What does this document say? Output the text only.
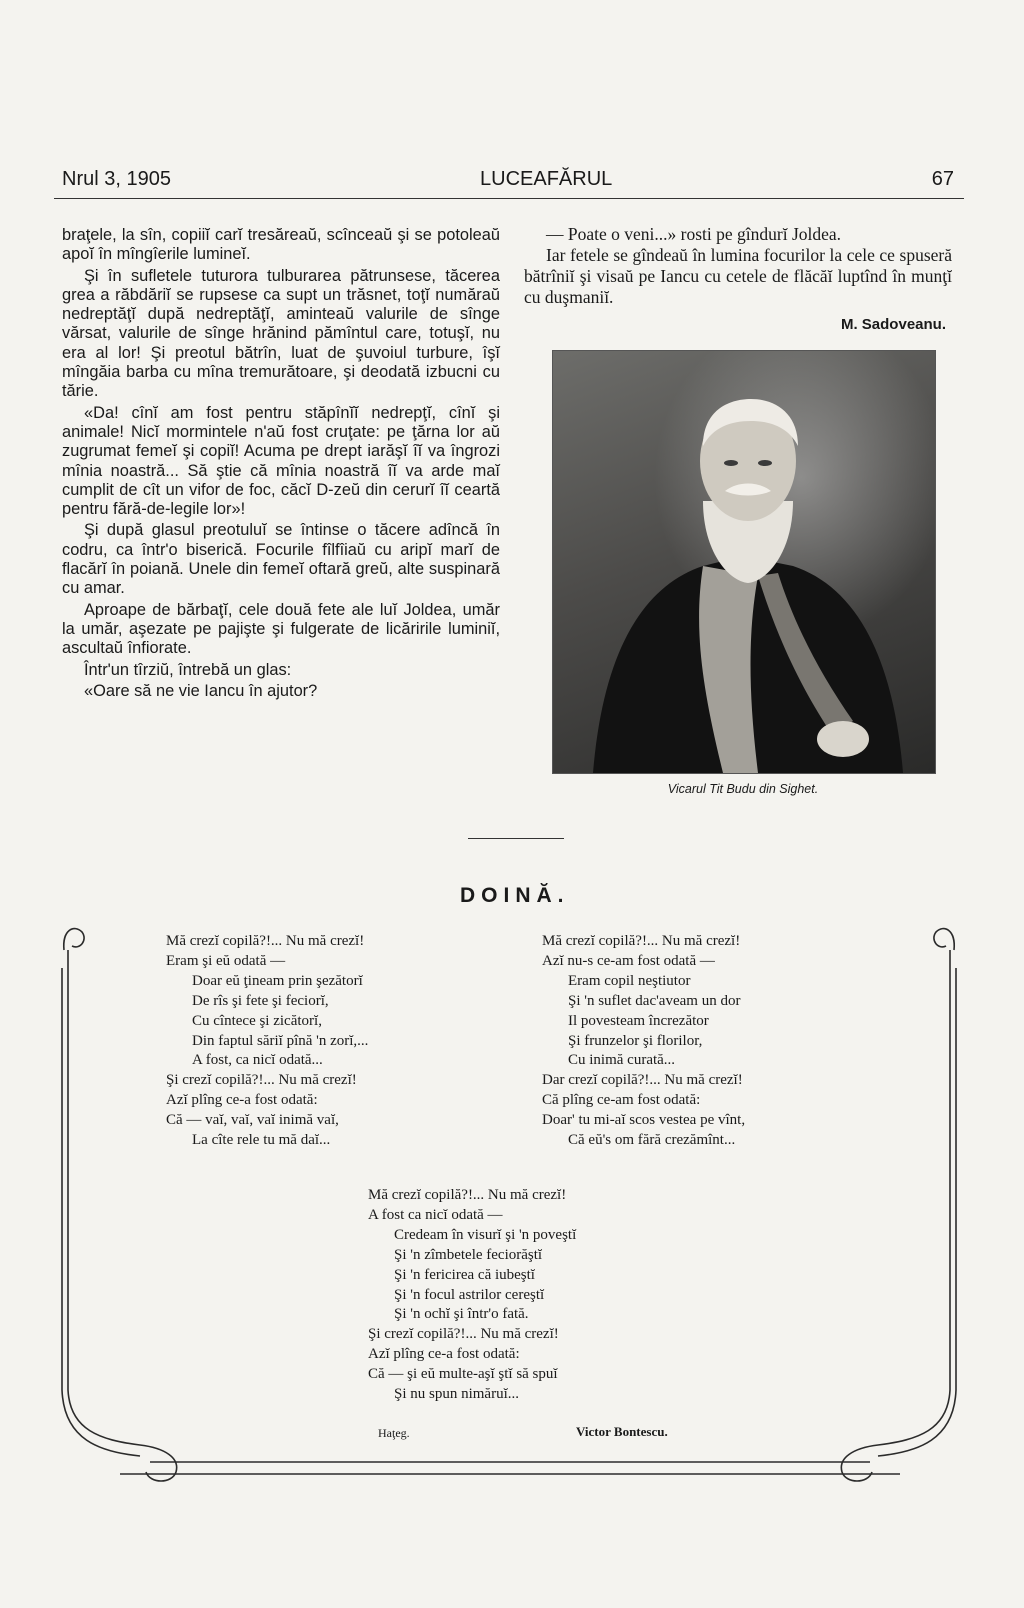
Nrul 3, 1905	LUCEAFĂRUL	67

braţele, la sîn, copiiĭ carĭ tresăreaŭ, scînceaŭ şi se potoleaŭ apoĭ în mîngîerile lumineĭ.

Şi în sufletele tuturora tulburarea pătrunsese, tăcerea grea a răbdăriĭ se rupsese ca supt un trăsnet, toţĭ număraŭ nedreptăţĭ după nedreptăţĭ, aminteaŭ valurile de sînge vărsat, valurile de sînge hrănind pămîntul care, totuşĭ, nu era al lor! Şi preotul bătrîn, luat de şuvoiul turbure, îşĭ mîngăia barba cu mîna tremurătoare, şi deodată izbucni cu tărie.

«Da! cînĭ am fost pentru stăpînĭĭ nedrepţĭ, cînĭ şi animale! Nicĭ mormintele n'aŭ fost cruţate: pe ţărna lor aŭ zugrumat femeĭ şi copiĭ! Acuma pe drept iarăşĭ îĭ va îngrozi mînia noastră... Să ştie că mînia noastră îĭ va arde maĭ cumplit de cît un vifor de foc, căcĭ D-zeŭ din cerurĭ îĭ ceartă pentru fără-de-legile lor»!

Şi după glasul preotuluĭ se întinse o tăcere adîncă în codru, ca într'o biserică. Focurile fîlfîiaŭ cu aripĭ marĭ de flacărĭ în poiană. Unele din femeĭ oftară greŭ, alte suspinară cu amar.

Aproape de bărbaţĭ, cele două fete ale luĭ Joldea, umăr la umăr, aşezate pe pajişte şi fulgerate de licăririle luminiĭ, ascultaŭ înfiorate.

Într'un tîrziŭ, întrebă un glas:

«Oare să ne vie Iancu în ajutor?

— Poate o veni...» rosti pe gîndurĭ Joldea.

Iar fetele se gîndeaŭ în lumina focurilor la cele ce spuseră bătrîniĭ şi visaŭ pe Iancu cu cetele de flăcăĭ luptînd în munţĭ cu duşmaniĭ.

M. Sadoveanu.
Vicarul Tit Budu din Sighet.
DOINĂ.
Mă crezĭ copilă?!... Nu mă crezĭ!
Eram şi eŭ odată —
Doar eŭ ţineam prin şezătorĭ
De rîs şi fete şi feciorĭ,
Cu cîntece şi zicătorĭ,
Din faptul săriĭ pînă 'n zorĭ,...
A fost, ca nicĭ odată...
Şi crezĭ copilă?!... Nu mă crezĭ!
Azĭ plîng ce-a fost odată:
Că — vaĭ, vaĭ, vaĭ inimă vaĭ,
La cîte rele tu mă daĭ...
Mă crezĭ copilă?!... Nu mă crezĭ!
Azĭ nu-s ce-am fost odată —
Eram copil neştiutor
Şi 'n suflet dac'aveam un dor
Il povesteam încrezător
Şi frunzelor şi florilor,
Cu inimă curată...
Dar crezĭ copilă?!... Nu mă crezĭ!
Că plîng ce-am fost odată:
Doar' tu mi-aĭ scos vestea pe vînt,
Că eŭ's om fără crezămînt...
Mă crezĭ copilă?!... Nu mă crezĭ!
A fost ca nicĭ odată —
Credeam în visurĭ şi 'n poveştĭ
Şi 'n zîmbetele feciorăştĭ
Şi 'n fericirea că iubeştĭ
Şi 'n focul astrilor cereştĭ
Şi 'n ochĭ şi într'o fată.
Şi crezĭ copilă?!... Nu mă crezĭ!
Azĭ plîng ce-a fost odată:
Că — şi eŭ multe-aşĭ ştĭ să spuĭ
Şi nu spun nimăruĭ...
Haţeg.	Victor Bontescu.
